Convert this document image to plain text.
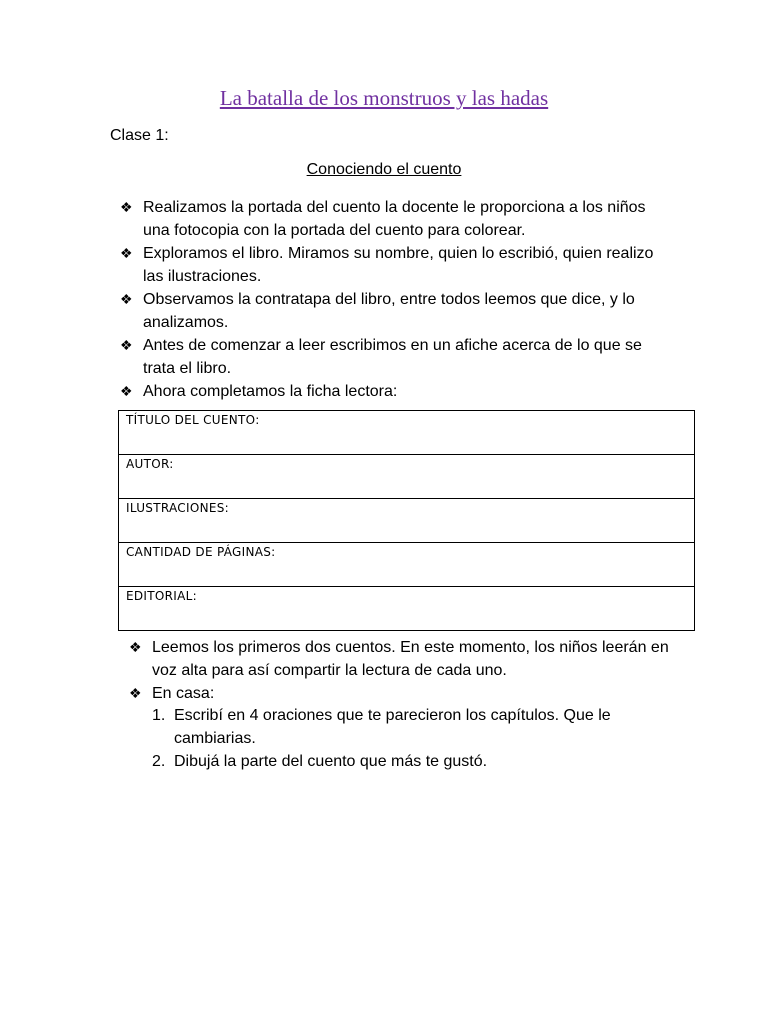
La batalla de los monstruos y las hadas

Clase 1:

Conociendo el cuento

❖ Realizamos la portada del cuento la docente le proporciona a los niños una fotocopia con la portada del cuento para colorear.
❖ Exploramos el libro. Miramos su nombre, quien lo escribió, quien realizo las ilustraciones.
❖ Observamos la contratapa del libro, entre todos leemos que dice, y lo analizamos.
❖ Antes de comenzar a leer escribimos en un afiche acerca de lo que se trata el libro.
❖ Ahora completamos la ficha lectora:
TÍTULO DEL CUENTO:
AUTOR:
ILUSTRACIONES:
CANTIDAD DE PÁGINAS:
EDITORIAL:
❖ Leemos los primeros dos cuentos. En este momento, los niños leerán en voz alta para así compartir la lectura de cada uno.
❖ En casa:
1. Escribí en 4 oraciones que te parecieron los capítulos. Que le cambiarias.
2. Dibujá la parte del cuento que más te gustó.
